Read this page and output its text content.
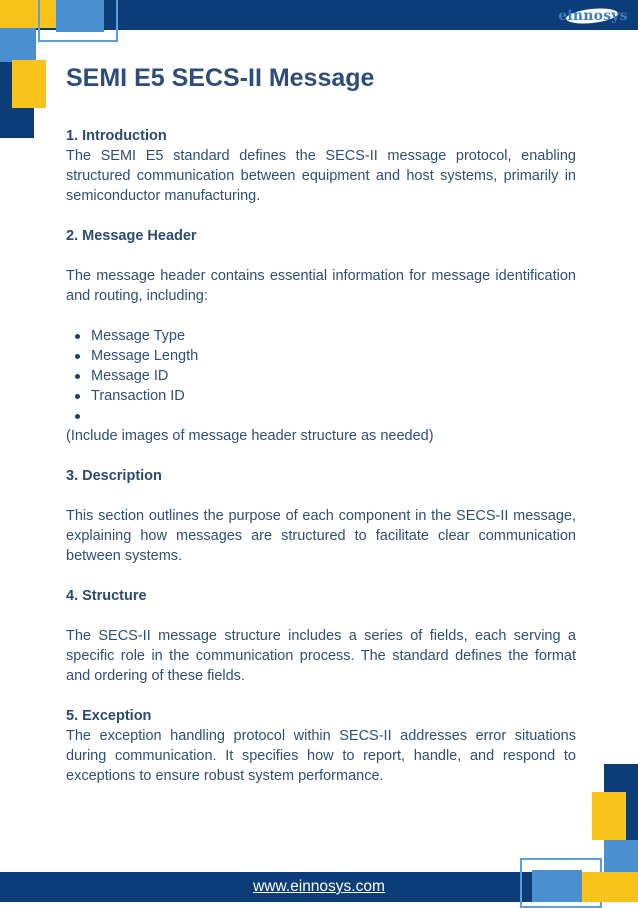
einnosys
SEMI E5 SECS-II Message
1. Introduction

The SEMI E5 standard defines the SECS-II message protocol, enabling structured communication between equipment and host systems, primarily in semiconductor manufacturing.

2. Message Header

The message header contains essential information for message identification and routing, including:

Message Type
Message Length
Message ID
Transaction ID

(Include images of message header structure as needed)

3. Description

This section outlines the purpose of each component in the SECS-II message, explaining how messages are structured to facilitate clear communication between systems.

4. Structure

The SECS-II message structure includes a series of fields, each serving a specific role in the communication process. The standard defines the format and ordering of these fields.

5. Exception

The exception handling protocol within SECS-II addresses error situations during communication. It specifies how to report, handle, and respond to exceptions to ensure robust system performance.

www.einnosys.com
